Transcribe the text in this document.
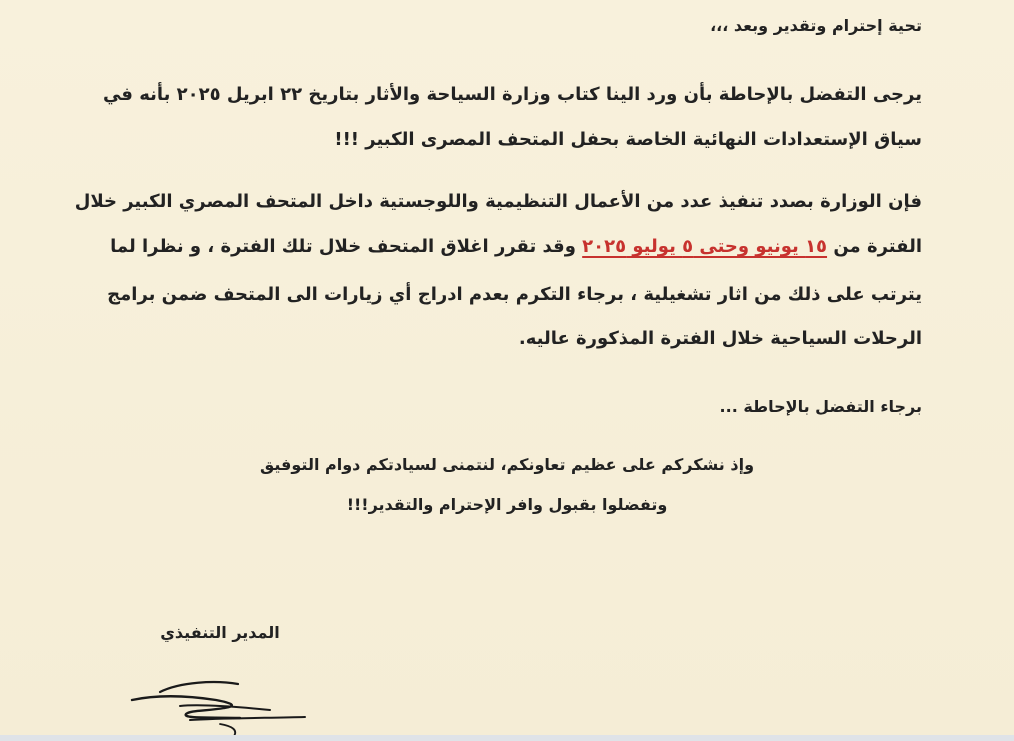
تحية إحترام وتقدير وبعد ،،،
يرجى التفضل بالإحاطة بأن ورد الينا كتاب وزارة السياحة والأثار بتاريخ ٢٢ ابريل ٢٠٢٥ بأنه في
سياق الإستعدادات النهائية الخاصة بحفل المتحف المصرى الكبير !!!
فإن الوزارة بصدد تنفيذ عدد من الأعمال التنظيمية واللوجستية داخل المتحف المصري الكبير خلال
الفترة من ١٥ يونيو وحتى ٥ يوليو ٢٠٢٥ وقد تقرر اغلاق المتحف خلال تلك الفترة ، و نظرا لما
يترتب على ذلك من اثار تشغيلية ، برجاء التكرم بعدم ادراج أي زيارات الى المتحف ضمن برامج
الرحلات السياحية خلال الفترة المذكورة عاليه.
برجاء التفضل بالإحاطة ...
وإذ نشكركم على عظيم تعاونكم، لنتمنى لسيادتكم دوام التوفيق
وتفضلوا بقبول وافر الإحترام والتقدير!!!
المدير التنفيذي
